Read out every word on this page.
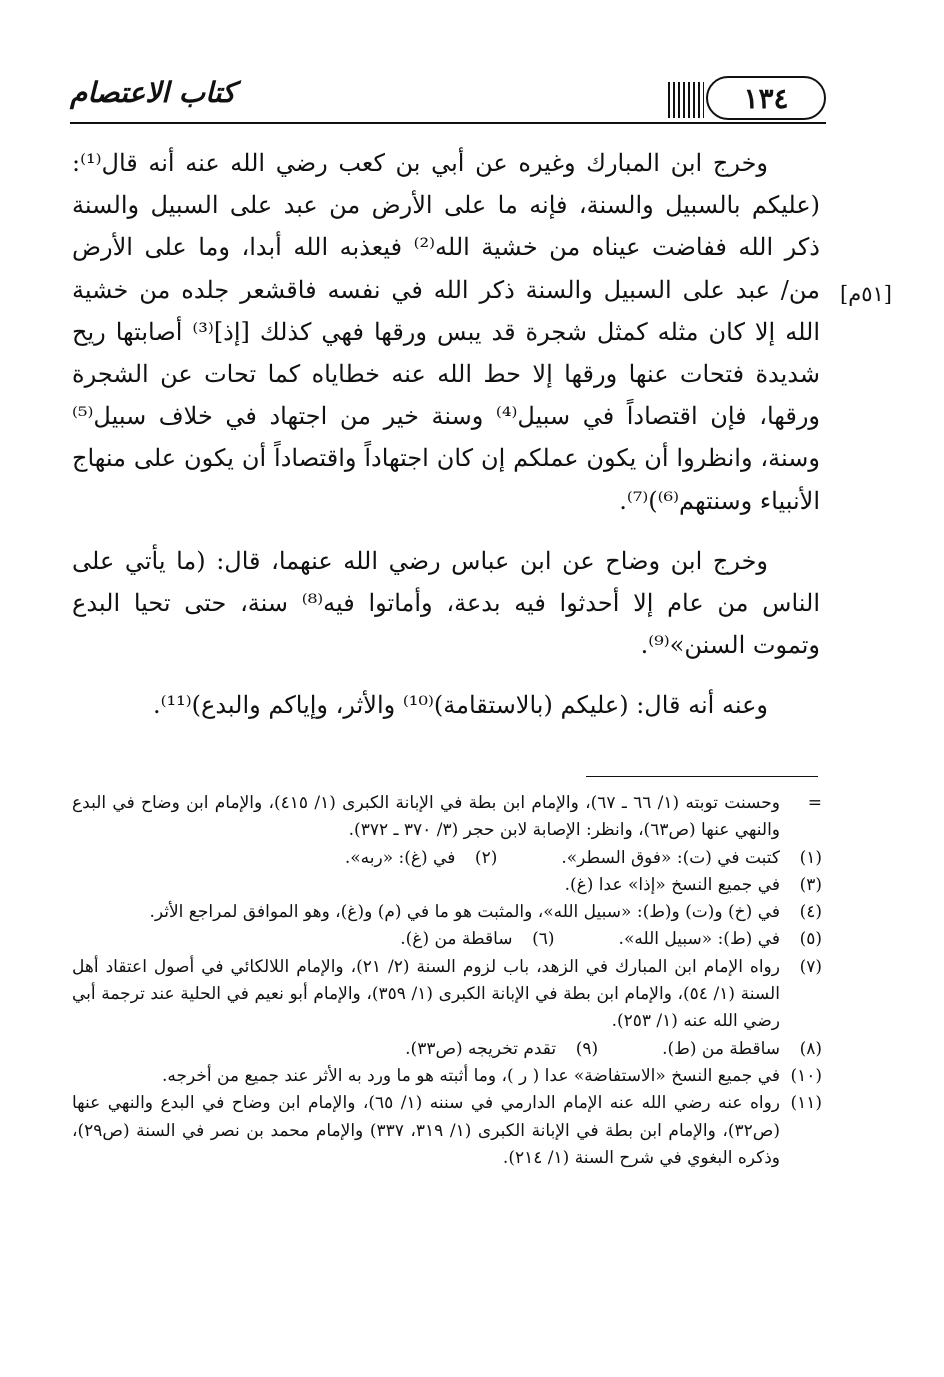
كتاب الاعتصام	١٣٤
[٥١م]

وخرج ابن المبارك وغيره عن أبي بن كعب رضي الله عنه أنه قال⁽¹⁾: (عليكم بالسبيل والسنة، فإنه ما على الأرض من عبد على السبيل والسنة ذكر الله ففاضت عيناه من خشية الله⁽²⁾ فيعذبه الله أبدا، وما على الأرض من/ عبد على السبيل والسنة ذكر الله في نفسه فاقشعر جلده من خشية الله إلا كان مثله كمثل شجرة قد يبس ورقها فهي كذلك [إذ]⁽³⁾ أصابتها ريح شديدة فتحات عنها ورقها إلا حط الله عنه خطاياه كما تحات عن الشجرة ورقها، فإن اقتصاداً في سبيل⁽⁴⁾ وسنة خير من اجتهاد في خلاف سبيل⁽⁵⁾ وسنة، وانظروا أن يكون عملكم إن كان اجتهاداً واقتصاداً أن يكون على منهاج الأنبياء وسنتهم⁽⁶⁾)⁽⁷⁾.

وخرج ابن وضاح عن ابن عباس رضي الله عنهما، قال: (ما يأتي على الناس من عام إلا أحدثوا فيه بدعة، وأماتوا فيه⁽⁸⁾ سنة، حتى تحيا البدع وتموت السنن»⁽⁹⁾.

وعنه أنه قال: (عليكم (بالاستقامة)⁽¹⁰⁾ والأثر، وإياكم والبدع)⁽¹¹⁾.

=
وحسنت توبته (١/ ٦٦ ـ ٦٧)، والإمام ابن بطة في الإبانة الكبرى (١/ ٤١٥)، والإمام ابن وضاح في البدع والنهي عنها (ص٦٣)، وانظر: الإصابة لابن حجر (٣/ ٣٧٠ ـ ٣٧٢).
(١)
كتبت في (ت): «فوق السطر».
(٢)
في (غ): «ربه».
(٣)
في جميع النسخ «إذا» عدا (غ).
(٤)
في (خ) و(ت) و(ط): «سبيل الله»، والمثبت هو ما في (م) و(غ)، وهو الموافق لمراجع الأثر.
(٥)
في (ط): «سبيل الله».
(٦)
ساقطة من (غ).
(٧)
رواه الإمام ابن المبارك في الزهد، باب لزوم السنة (٢/ ٢١)، والإمام اللالكائي في أصول اعتقاد أهل السنة (١/ ٥٤)، والإمام ابن بطة في الإبانة الكبرى (١/ ٣٥٩)، والإمام أبو نعيم في الحلية عند ترجمة أبي رضي الله عنه (١/ ٢٥٣).
(٨)
ساقطة من (ط).
(٩)
تقدم تخريجه (ص٣٣).
(١٠)
في جميع النسخ «الاستفاضة» عدا ( ر )، وما أثبته هو ما ورد به الأثر عند جميع من أخرجه.
(١١)
رواه عنه رضي الله عنه الإمام الدارمي في سننه (١/ ٦٥)، والإمام ابن وضاح في البدع والنهي عنها (ص٣٢)، والإمام ابن بطة في الإبانة الكبرى (١/ ٣١٩، ٣٣٧) والإمام محمد بن نصر في السنة (ص٢٩)، وذكره البغوي في شرح السنة (١/ ٢١٤).
